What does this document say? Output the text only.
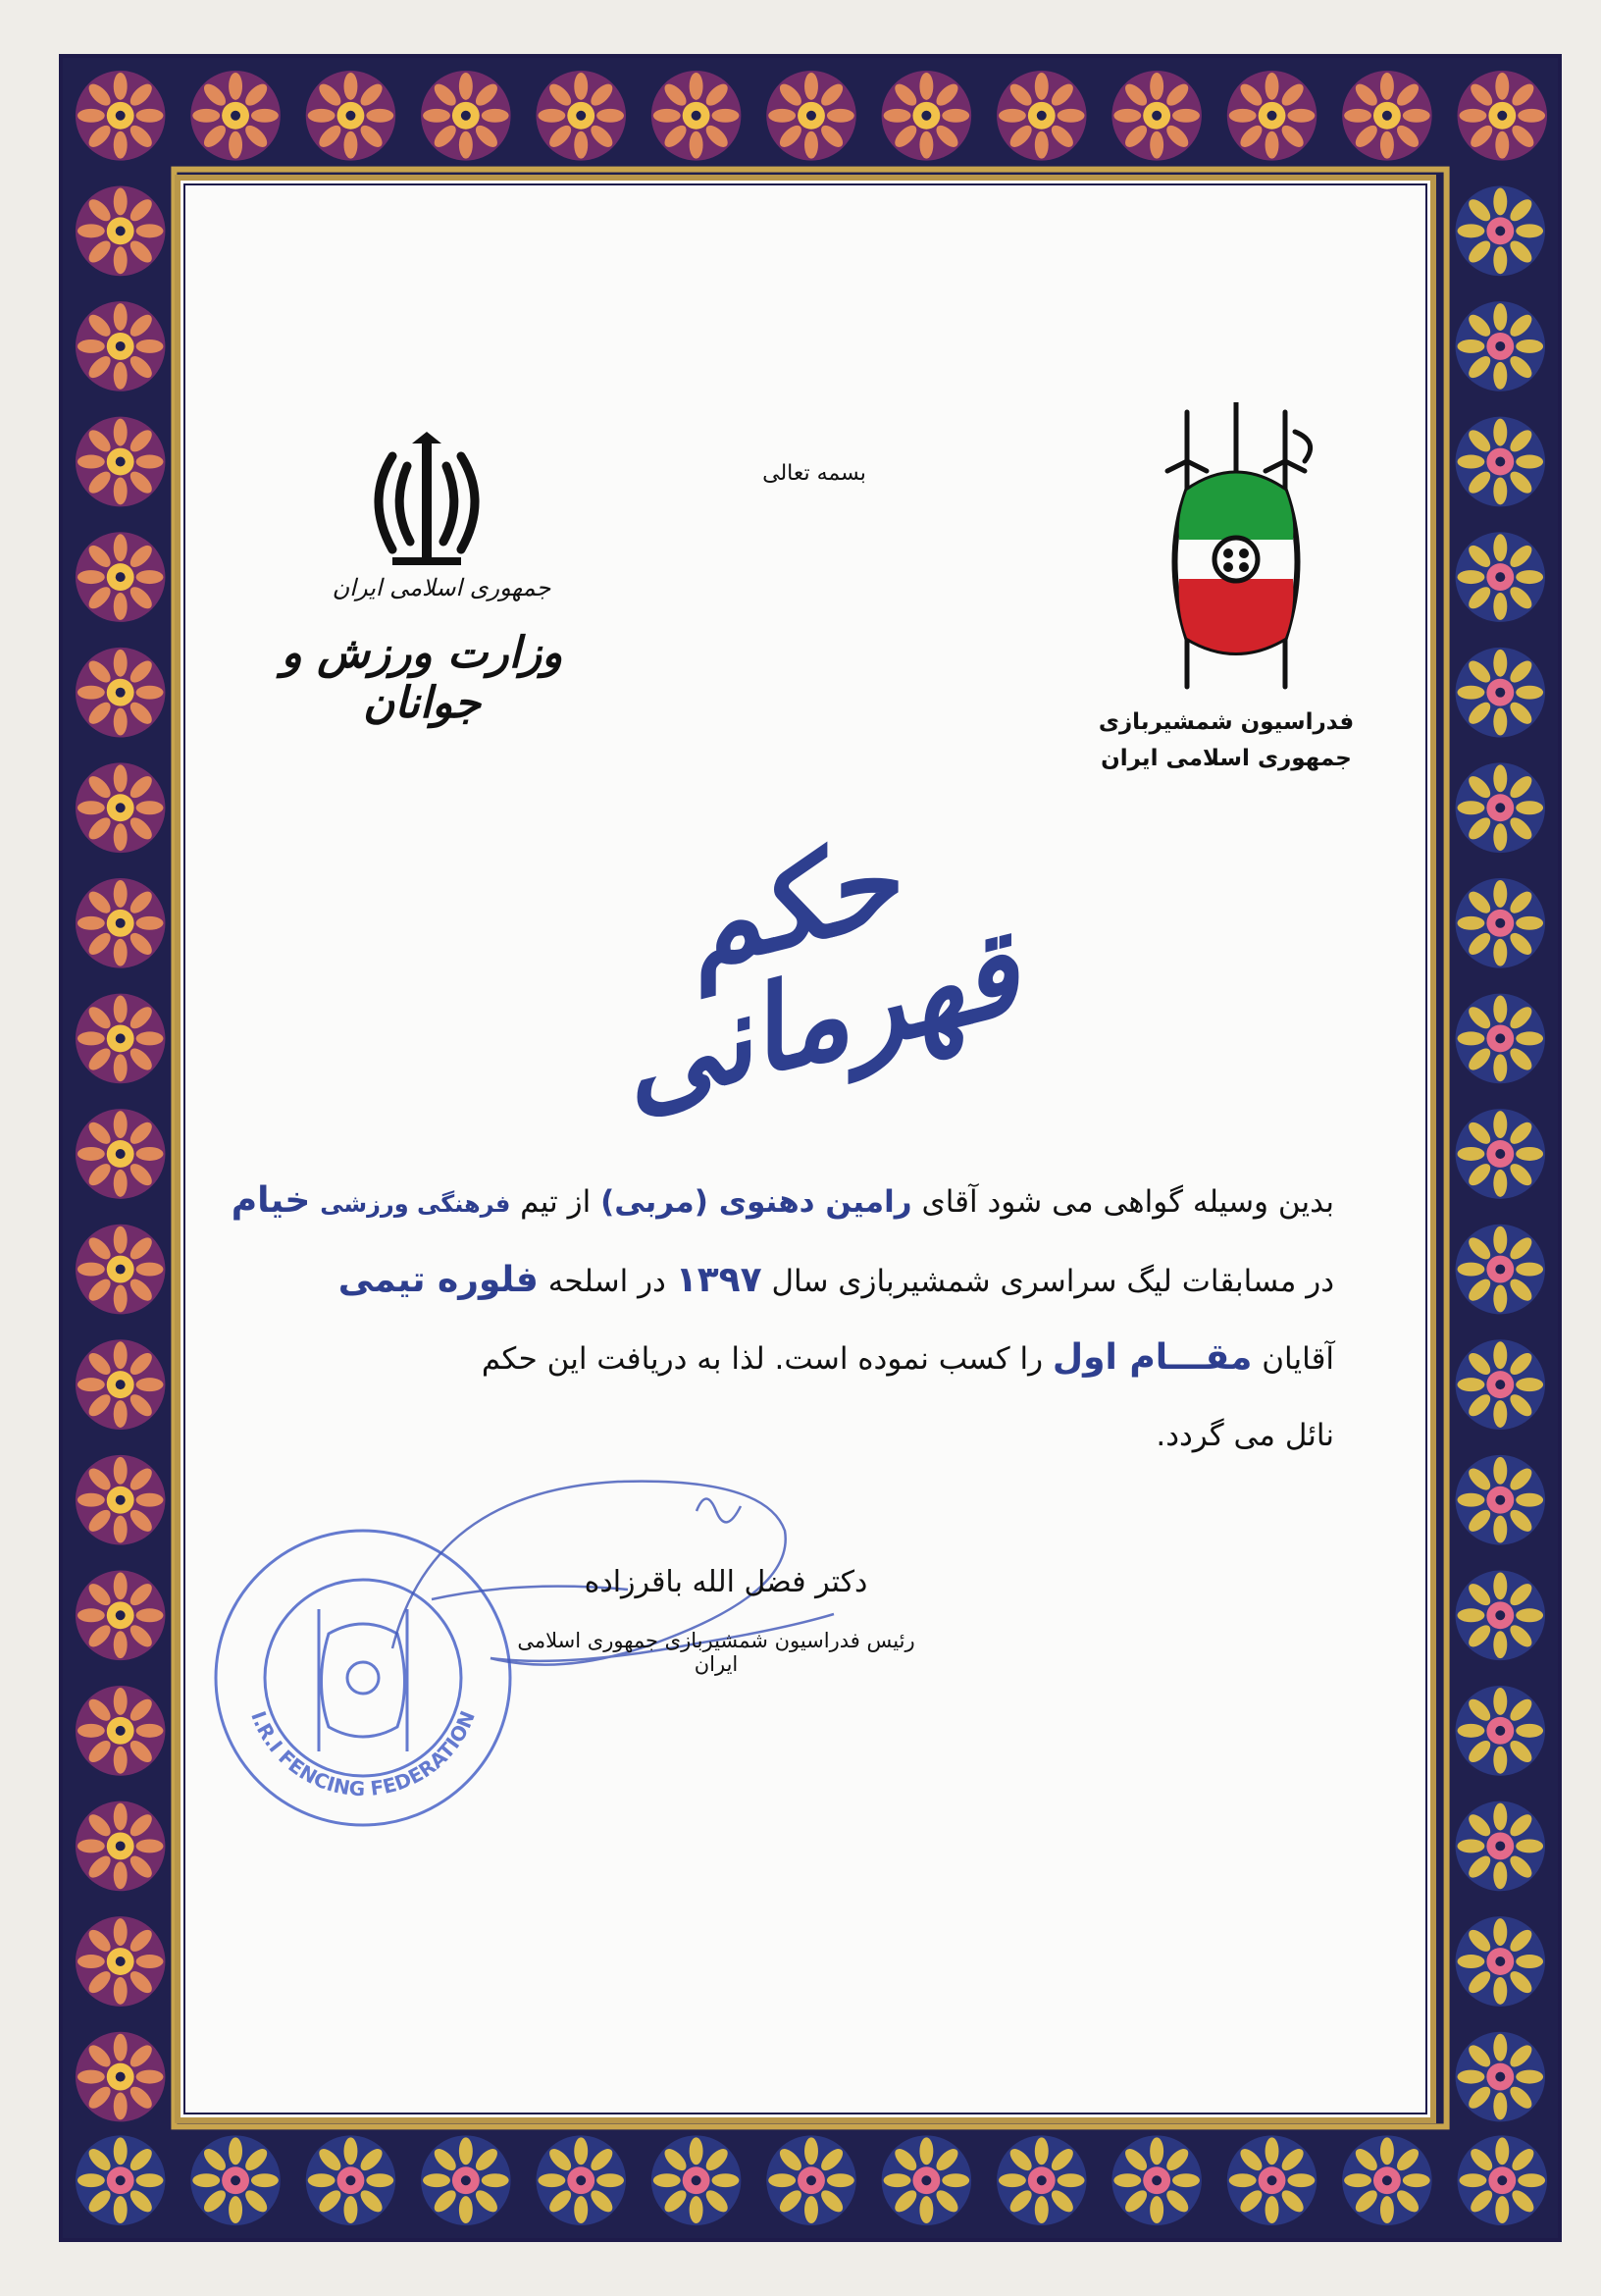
بسمه تعالی
جمهوری اسلامی ایران
وزارت ورزش و جوانان	فدراسیون شمشیربازی
جمهوری اسلامی ایران
حکم قهرمانی
بدین وسیله گواهی می شود آقای رامین دهنوی (مربی) از تیم فرهنگی ورزشی خیام
در مسابقات لیگ سراسری شمشیربازی سال ۱۳۹۷ در اسلحه فلوره تیمی
آقایان مقـــام اول را کسب نموده است. لذا به دریافت این حکم
نائل می گردد.
I.R.I FENCING FEDERATION
دکتر فضل الله باقرزاده
رئیس فدراسیون شمشیربازی جمهوری اسلامی ایران
